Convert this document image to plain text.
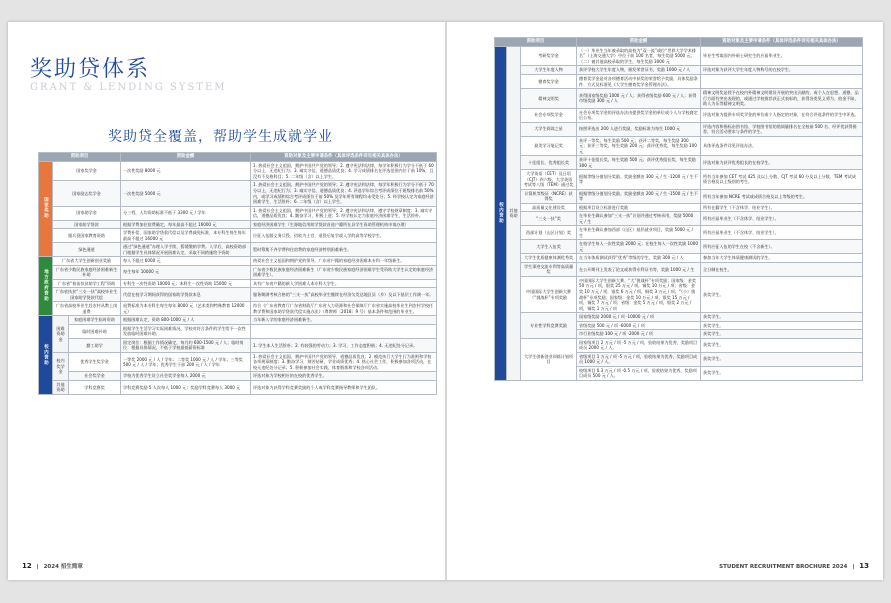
奖助贷体系
GRANT & LENDING SYSTEM
奖助贷全覆盖，帮助学生成就学业
资助项目			资助金额	资助对象及主要申请条件（具体评选条件详见相关具体办法）
国家奖助	国家奖学金		一次性奖励 8000 元	1. 热爱社会主义祖国，拥护中国共产党的领导；2. 遵守宪法和法律，每学年积极行为学分不低于 60 分以上，无违纪行为；3. 诚实守信，道德品质优良；4. 学习成绩排名在评选范围内位于前 10%，且没有不及格科目；5. 二年级（含）以上学生。
	国家励志奖学金		一次性奖励 5000 元	1. 热爱社会主义祖国，拥护中国共产党的领导；2. 遵守宪法和法律，每学年积极行为学分不低于 70 分以上，无违纪行为；3. 诚实守信，道德品质优良；4. 评选学年综合考评成绩位于班级排名前 50% 内，或学习成绩和综合考评成绩位于前 50% 及学年所有课程均未受处分；5. 经学校认定为家庭经济困难学生，生活俭朴；6. 二年级（含）以上学生。
	国家助学金		分三档，人均资助标准不低于 3300 元 / 学年	1. 热爱社会主义祖国，拥护中国共产党的领导；2. 遵守宪法和法律，遵守学校规章制度；3. 诚实守信，道德品质优良；4. 勤奋学习，积极上进；5. 经学校认定为家庭经济困难学生，生活俭朴。
	国家助学贷款		根据学费加住宿费确定，每年最高不超过 16000 元	家庭经济困难学生（生源地信用助学贷款首选户籍所在县学生资助管理机构申请办理）
	服兵役国家教育资助		学费补偿、国家助学贷款代偿以及学费减免标准，本专科生每生每年最高不超过 16000 元	应征入伍服义务兵役、招收为士官、退役后复学或入学的高等学校学生。
	绿色通道		通过“绿色通道”办理入学手续，暂缓缴纳学费。入学后，高校资助部门根据学生具体情况开展困难认定，采取不同措施给予资助	暂时筹集不齐学费和住宿费的家庭经济特别困难新生。
地方政府资助	广东省大学生创新创业奖励		每人不超过 6000 元	热爱社会主义祖国和拥护党的领导，广东省户籍的家庭经济困难本专科一年级新生。
	广东省少数民族家庭经济困难新生补助		每生每年 10000 元	广东省少数民族家庭经济困难新生（广东省少数民族家庭经济困难学生受资助大学生认定的家庭经济困难学生）。
	广东省“春苗扶贫助学工程”资助		专科生一次性资助 10000 元；本科生一次性资助 15000 元	具有广东省户籍的新入学困难人本专科大学生。
	广东省扶贫“三支一扶”高校毕业生国家助学贷款代偿		代偿在校学习期间获得的国家助学贷款本息	服务期满考核合格的“三支一扶”高校毕业生继续在经济欠发达地区县（乡）及以下基层工作满一年。
	广东省高校毕业生赴农村从教上岗退费		退费标准为本专科生每生每年 8000 元（艺术类和特殊教育 12000 元）	符合《广东省教育厅广东省财政厅广东省人力资源和社会保障厅广东省实施高校毕业生到农村学校任教学费和国家助学贷款代偿实施办法》（粤教师〔2018〕9 号）基本条件和范围的毕业生。
校内资助	困难资助金	家庭困难学生临时资助	根据困难认定，资助 800-1000 元 / 人	当年新入学的家庭经济困难新生。
		临时困难补助	根据学生生活学习实际困难情况，学校对符合条件的学生给予一次性发放临时困难补助。	
		勤工助学	固定岗位：根据工作情况确定，每月约 600-1500 元 / 人；临时岗位：根据具体情况，不低于学校最低薪资标准	1. 学生本人生活俭朴；2. 有较强的劳动力；3. 学习、工作态度积极；4. 无违纪处分记录。
	校内奖学金	优秀学生奖学金	一等奖 2000 元 / 人 / 学年；二等奖 1000 元 / 人 / 学年；三等奖 500 元 / 人 / 学年；优秀学生干部 200 元 / 人 / 学年	1. 热爱社会主义祖国，拥护中国共产党的领导，道德品质优良；2. 模范执行大学生行为准则和学校各项规章制度；3. 勤奋学习，刻苦钻研，学业成绩优秀；4. 热心社会工作，积极参加各项活动，在校无违纪处分记录；5. 积极参加社会实践，体育锻炼和学校各项活动。
		社会奖学金	学校为优秀学生设立社会奖学金每人 2000 元	评选对象为学校相应的在校的优秀学生。
	其他资助	学科竞赛奖	学科竞赛奖励 5 人次每人 1000 元；奖励学科竞赛每人 3000 元	评选对象为获得学科竞赛奖励的个人或学科竞赛指导教师和学生团队。
12 | 2024 招生简章
资助项目			资助金额	资助对象及主要申请条件（具体评选条件详见相关具体办法）
校内资助	其他资助	考研奖学金	（一）毕业生当年被录取的高校为“双一流”或位“世界大学学术排名”（上海交通大学）中位于前 100 名者，每生奖励 5000 元；（二）被其他高校录取的学生，每生奖励 3000 元	毕业生考取国内外硕士研究生的应届毕业生。
		大学生年度人物	获评学校大学生年度人物，颁发荣誉证书，奖励 1000 元 / 人	评选对象为获评大学生年度人物称号的在校学生。
		德育奖学金	德育奖学金是对各项德育活动中获奖的荣誉给予奖励，具体奖励条件、方式及标准见《大学生德育奖学金管理办法》。	
		精神文明奖	获得国家级奖励 1000 元 / 人；获得省级奖励 600 元 / 人；获得市级奖励 300 元 / 人	精神文明奖是授予在校内外精神文明建设开展的突出贡献的，或个人在思想、道德、品行方面有突出表现的，或通过学校推荐获正式表彰的，获得各类见义勇为、拾金不昧、助人为乐等精神文明奖。
		社会专项奖学金	社会专项奖学金的评选办法由提供奖学金的单位或个人与学校商定后公布。	评选对象为提供专项奖学金的单位或个人指定的对象，在符合评选条件的学生中评选。
		大学生阅读之星	按照评选出 200 人进行奖励，奖励标准为每生 1000 元	评选内容和指标由图书馆、学校图书馆的借阅量排名在全校前 500 名、经评优获得推荐，符合活动要求与条件的学生。
		最美学习笔记奖	获评一等奖，每生奖励 500 元；获评二等奖，每生奖励 300 元；获评三等奖，每生奖励 200 元；获评优秀奖，每生奖励 100 元	具体评选条件详见评选办法。
		十佳组长、优秀组长奖	获评十佳组长奖，每生奖励 500 元；获评优秀组长奖，每生奖励 300 元	评选对象为获评优秀组长的在校学生。
		大学英语（CET）及日语（CJT）四六级、大学英语考试等八级（TEM）通过奖	根据等级分值划分奖励。奖励金额由 300 元 / 生 -1200 元 / 生不等	所有当年参加 CET 考试 425 及以上分数、CJT 考试 60 分及以上分数、TEM 考试成绩合格及以上级别的考生。
		计算机等级证（NCRE）获得奖	根据等级分值划分奖励。奖励金额由 200 元 / 生 -1500 元 / 生不等	所有当年参加 NCRE 考试或成绩合格及以上等级的考生。
		高质量文化建设奖	根据项目设立标准进行奖励	所有在籍学生（不含休学、结业学生）。
		“三支一扶”奖	在毕业生确认参加“三支一扶”计划并通过考核录用，奖励 5000 元 / 生	所有应届毕业生（不含休学、结业学生）。
		西部计划（山区计划）奖	在毕业生确认参加西部（山区）基层就业项目，奖励 5000 元 / 生	所有应届毕业生（不含休学、结业学生）。
		大学生入伍奖	在校学生每人一次性奖励 2000 元；在校生每人一次性奖励 1000 元	所有应征入伍的学生在校（不含新生）。
		大学生优质健康体测优秀奖	在当年体质测试获得“优秀”等级的学生，奖励 300 元 / 人	参加当年大学生体质健康测试的学生。
		学生事迹交流专利等高质量奖	在公开期刊上发表了论文或获得专利证书等，奖励 1000 元 / 生	全日制在校生。
		中国国际大学生创新大赛（“挑战杯”专项奖励	中国国际大学生创新大赛、“大”挑战杯”专项奖励；国家级：金奖 50 万元 / 项，银奖 25 万元 / 项，铜奖 10 万元 / 项；省级：金奖 10 万元 / 项，银奖 6 万元 / 项，铜奖 3 万元 / 项；“（小）挑战杯”专项奖励；国家级：金奖 10 万元 / 项，银奖 15 万元 / 项，铜奖 7 万元 / 项；省级：金奖 5 万元 / 项，银奖 2 万元 / 项，铜奖 1 万元 / 项	获奖学生。
		专业性学科竞赛奖励	国家级奖励 2000 元 / 项 -10000 元 / 项	获奖学生。
			省级奖励 500 元 / 项 -6000 元 / 项	获奖学生。
			市行业级奖励 100 元 / 项 -2000 元 / 项	获奖学生。
		大学生创新创业训练计划项目	国家级项目 2 万元 / 项 -5 万元 / 项，验收结果为优秀，奖励项目成员 2000 元 / 人。	获奖学生。
			省级项目 1 万元 / 项 -5 万元 / 项，验收结果为优秀，奖励项目成员 1000 元 / 人。	获奖学生。
			校级项目 0.3 万元 / 项 -0.5 万元 / 项，验收结果为优秀，奖励项目成员 500 元 / 人。	获奖学生。
STUDENT RECRUITMENT BROCHURE 2024 | 13
